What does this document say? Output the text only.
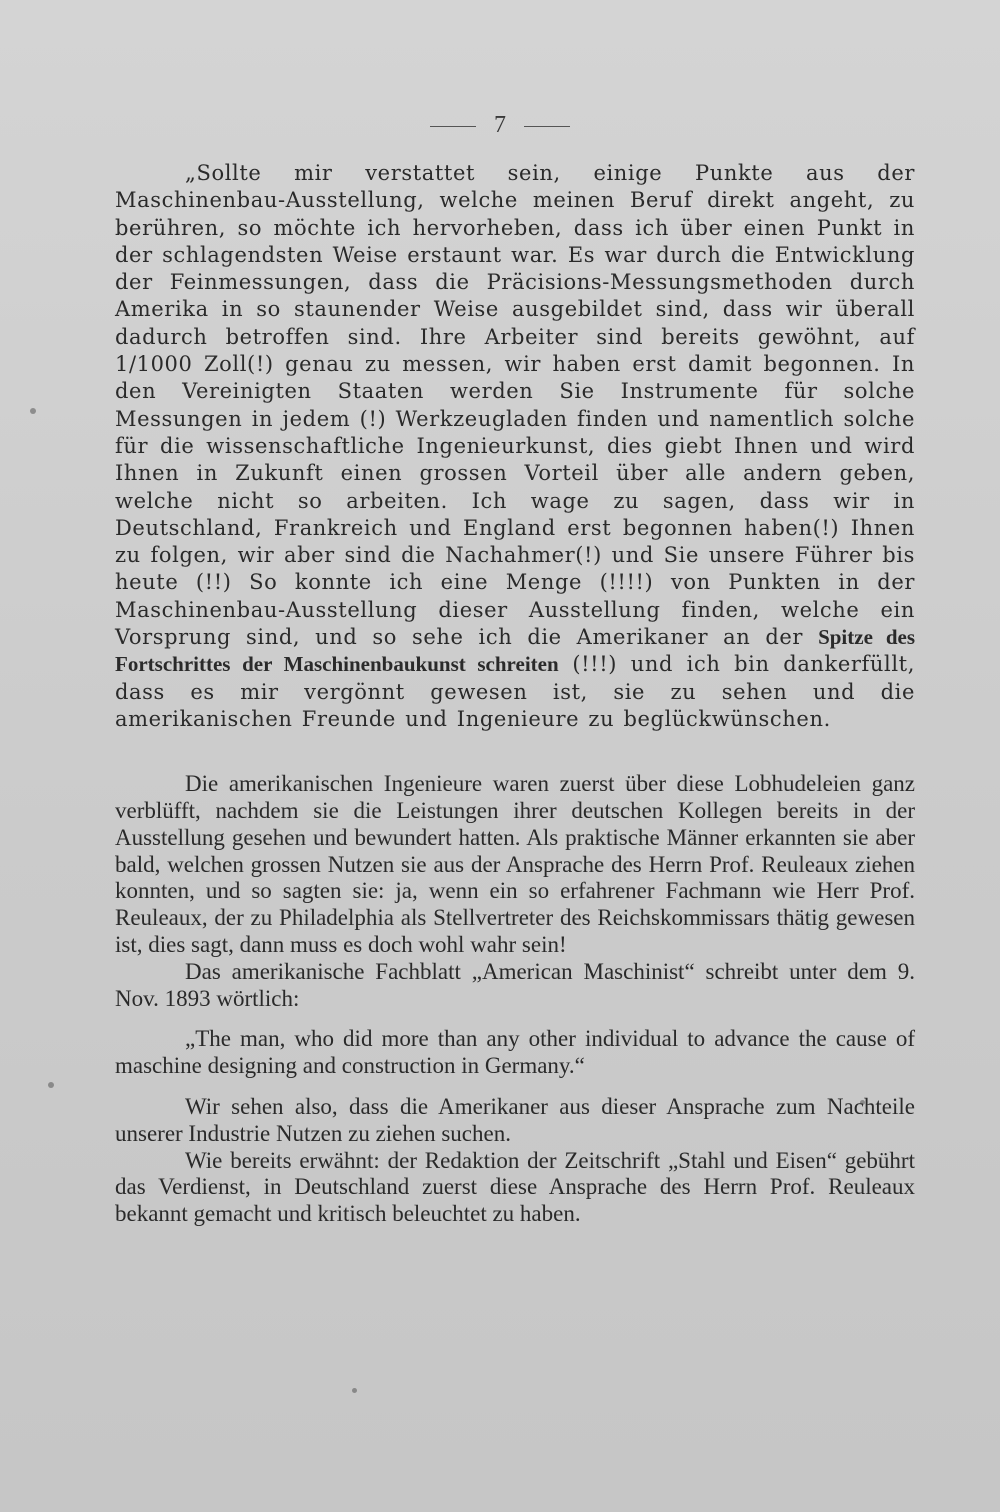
7

„Sollte mir verstattet sein, einige Punkte aus der Maschinenbau-Ausstellung, welche meinen Beruf direkt angeht, zu berühren, so möchte ich hervorheben, dass ich über einen Punkt in der schlagendsten Weise erstaunt war. Es war durch die Entwicklung der Feinmessungen, dass die Präcisions-Messungsmethoden durch Amerika in so staunender Weise ausgebildet sind, dass wir überall dadurch betroffen sind. Ihre Arbeiter sind bereits gewöhnt, auf 1/1000 Zoll(!) genau zu messen, wir haben erst damit begonnen. In den Vereinigten Staaten werden Sie Instrumente für solche Messungen in jedem (!) Werkzeugladen finden und namentlich solche für die wissenschaftliche Ingenieurkunst, dies giebt Ihnen und wird Ihnen in Zukunft einen grossen Vorteil über alle andern geben, welche nicht so arbeiten. Ich wage zu sagen, dass wir in Deutschland, Frankreich und England erst begonnen haben(!) Ihnen zu folgen, wir aber sind die Nachahmer(!) und Sie unsere Führer bis heute (!!) So konnte ich eine Menge (!!!!) von Punkten in der Maschinenbau-Ausstellung dieser Ausstellung finden, welche ein Vorsprung sind, und so sehe ich die Amerikaner an der Spitze des Fortschrittes der Maschinenbaukunst schreiten (!!!) und ich bin dankerfüllt, dass es mir vergönnt gewesen ist, sie zu sehen und die amerikanischen Freunde und Ingenieure zu beglückwünschen.

Die amerikanischen Ingenieure waren zuerst über diese Lobhudeleien ganz verblüfft, nachdem sie die Leistungen ihrer deutschen Kollegen bereits in der Ausstellung gesehen und bewundert hatten. Als praktische Männer erkannten sie aber bald, welchen grossen Nutzen sie aus der Ansprache des Herrn Prof. Reuleaux ziehen konnten, und so sagten sie: ja, wenn ein so erfahrener Fachmann wie Herr Prof. Reuleaux, der zu Philadelphia als Stellvertreter des Reichskommissars thätig gewesen ist, dies sagt, dann muss es doch wohl wahr sein!

Das amerikanische Fachblatt „American Maschinist“ schreibt unter dem 9. Nov. 1893 wörtlich:

„The man, who did more than any other individual to advance the cause of maschine designing and construction in Germany.“

Wir sehen also, dass die Amerikaner aus dieser Ansprache zum Nachteile unserer Industrie Nutzen zu ziehen suchen.

Wie bereits erwähnt: der Redaktion der Zeitschrift „Stahl und Eisen“ gebührt das Verdienst, in Deutschland zuerst diese Ansprache des Herrn Prof. Reuleaux bekannt gemacht und kritisch beleuchtet zu haben.
